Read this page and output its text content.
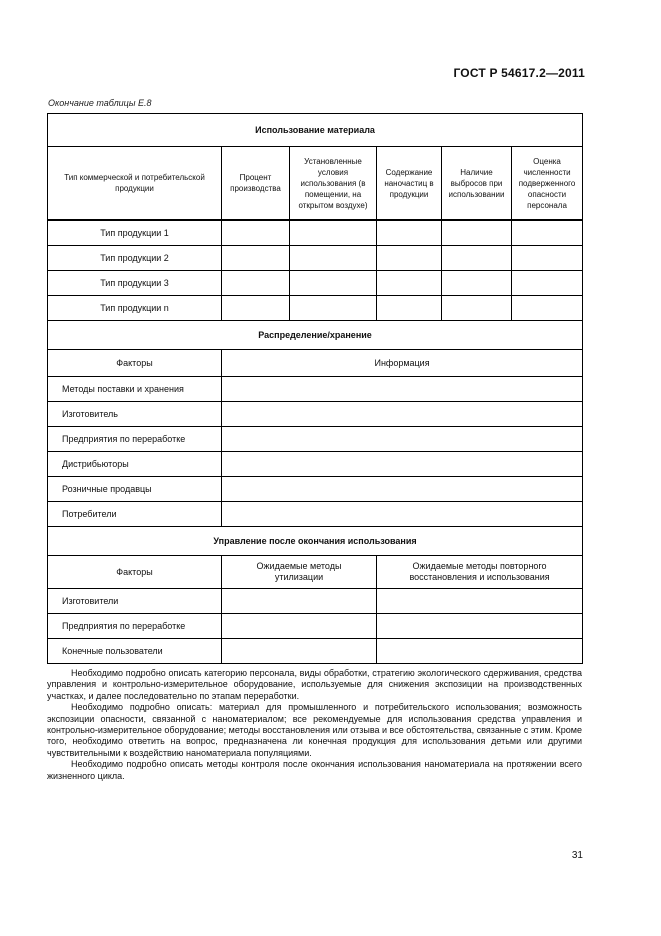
ГОСТ Р 54617.2—2011
Окончание таблицы Е.8
Использование материала					
Тип коммерческой и потребительской продукции	Процент производства	Установленные условия использования (в помещении, на открытом воздухе)	Содержание наночастиц в продукции	Наличие выбросов при использовании	Оценка численности подверженного опасности персонала
Тип продукции 1					
Тип продукции 2					
Тип продукции 3					
Тип продукции n					
Распределение/хранение					
Факторы	Информация				
Методы поставки и хранения					
Изготовитель					
Предприятия по переработке					
Дистрибьюторы					
Розничные продавцы					
Потребители					
Управление после окончания использования					
Факторы	Ожидаемые методы утилизации		Ожидаемые методы повторного восстановления и использования		
Изготовители					
Предприятия по переработке					
Конечные пользователи					

Необходимо подробно описать категорию персонала, виды обработки, стратегию экологического сдерживания, средства управления и контрольно-измерительное оборудование, используемые для снижения экспозиции на производственных участках, и далее последовательно по этапам переработки.

Необходимо подробно описать: материал для промышленного и потребительского использования; возможность экспозиции опасности, связанной с наноматериалом; все рекомендуемые для использования средства управления и контрольно-измерительное оборудование; методы восстановления или отзыва и все обстоятельства, связанные с этим. Кроме того, необходимо ответить на вопрос, предназначена ли конечная продукция для использования детьми или другими чувствительными к воздействию наноматериала популяциями.

Необходимо подробно описать методы контроля после окончания использования наноматериала на протяжении всего жизненного цикла.

31
